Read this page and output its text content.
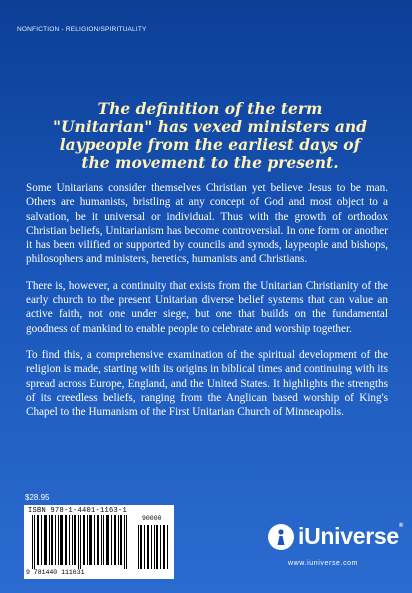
NONFICTION - RELIGION/SPIRITUALITY
The definition of the term "Unitarian" has vexed ministers and laypeople from the earliest days of the movement to the present.

Some Unitarians consider themselves Christian yet believe Jesus to be man. Others are humanists, bristling at any concept of God and most object to a salvation, be it universal or individual. Thus with the growth of orthodox Christian beliefs, Unitarianism has become controversial. In one form or another it has been vilified or supported by councils and synods, laypeople and bishops, philosophers and ministers, heretics, humanists and Christians.

There is, however, a continuity that exists from the Unitarian Christianity of the early church to the present Unitarian diverse belief systems that can value an active faith, not one under siege, but one that builds on the fundamental goodness of mankind to enable people to celebrate and worship together.

To find this, a comprehensive examination of the spiritual development of the religion is made, starting with its origins in biblical times and continuing with its spread across Europe, England, and the United States. It highlights the strengths of its creedless beliefs, ranging from the Anglican based worship of King's Chapel to the Humanism of the First Unitarian Church of Minneapolis.

$28.95
ISBN 978-1-4401-1163-1
90000
9 781440 111631
iUniverse®
www.iuniverse.com
